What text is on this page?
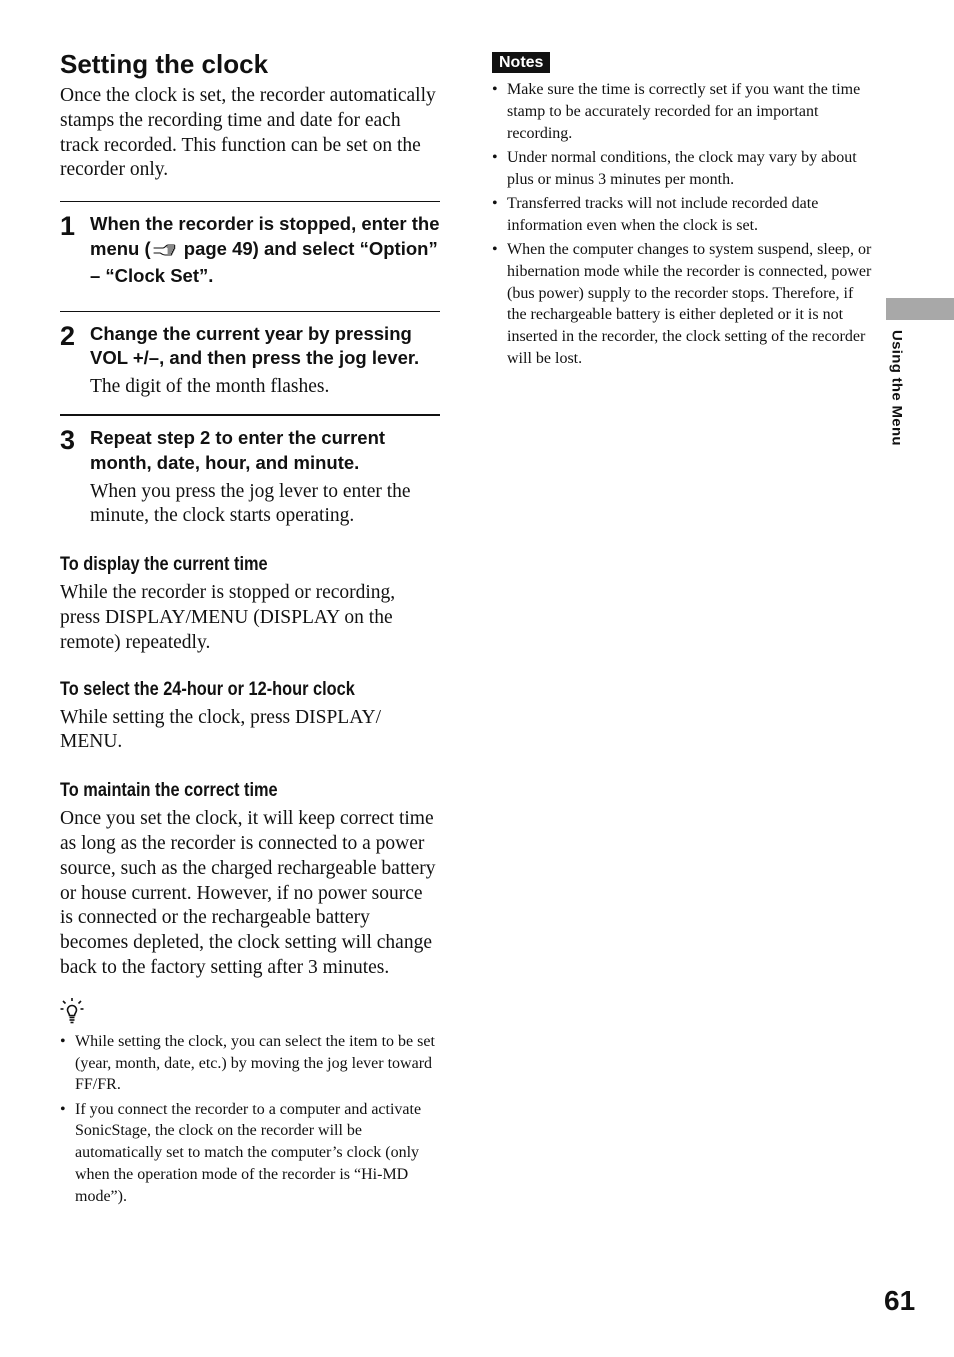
Setting the clock

Once the clock is set, the recorder automatically stamps the recording time and date for each track recorded. This function can be set on the recorder only.

1 When the recorder is stopped, enter the menu ( page 49) and select “Option” – “Clock Set”.

2 Change the current year by pressing VOL +/–, and then press the jog lever.

The digit of the month flashes.

3 Repeat step 2 to enter the current month, date, hour, and minute.

When you press the jog lever to enter the minute, the clock starts operating.

To display the current time

While the recorder is stopped or recording, press DISPLAY/MENU (DISPLAY on the remote) repeatedly.

To select the 24-hour or 12-hour clock

While setting the clock, press DISPLAY/ MENU.

To maintain the correct time

Once you set the clock, it will keep correct time as long as the recorder is connected to a power source, such as the charged rechargeable battery or house current. However, if no power source is connected or the rechargeable battery becomes depleted, the clock setting will change back to the factory setting after 3 minutes.

• While setting the clock, you can select the item to be set (year, month, date, etc.) by moving the jog lever toward FF/FR.
• If you connect the recorder to a computer and activate SonicStage, the clock on the recorder will be automatically set to match the computer’s clock (only when the operation mode of the recorder is “Hi-MD mode”).
Notes
• Make sure the time is correctly set if you want the time stamp to be accurately recorded for an important recording.
• Under normal conditions, the clock may vary by about plus or minus 3 minutes per month.
• Transferred tracks will not include recorded date information even when the clock is set.
• When the computer changes to system suspend, sleep, or hibernation mode while the recorder is connected, power (bus power) supply to the recorder stops. Therefore, if the rechargeable battery is either depleted or it is not inserted in the recorder, the clock setting of the recorder will be lost.	Using the Menu
61
